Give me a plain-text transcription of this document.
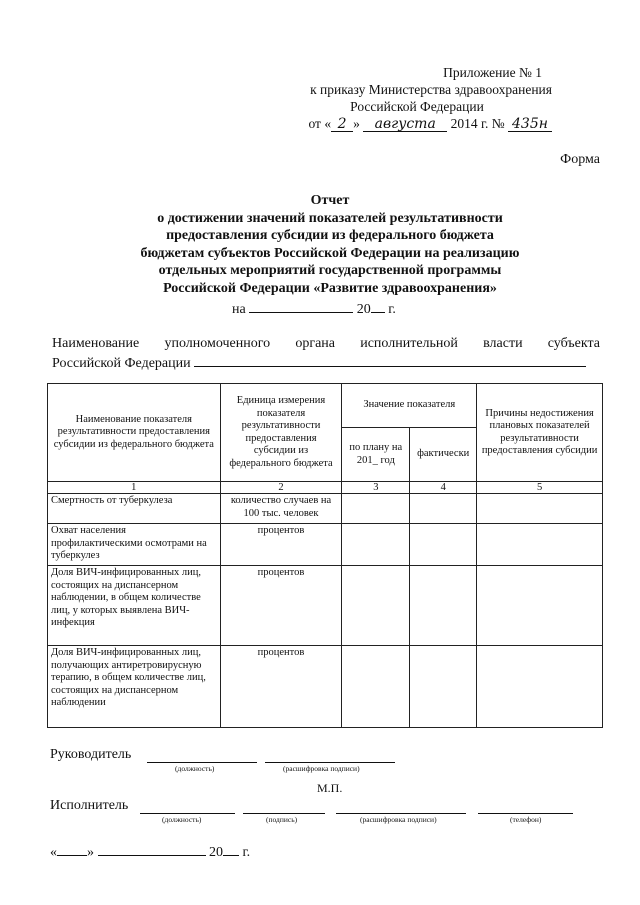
Приложение № 1
к приказу Министерства здравоохранения
Российской Федерации
от « 2 » августа 2014 г. № 435н
Форма
Отчет
о достижении значений показателей результативности
предоставления субсидии из федерального бюджета
бюджетам субъектов Российской Федерации на реализацию
отдельных мероприятий государственной программы
Российской Федерации «Развитие здравоохранения»
на	20 г.
Наименование уполномоченного органа исполнительной власти субъекта
Российской Федерации
Наименование показателя результативности предоставления субсидии из федерального бюджета	Единица измерения показателя результативности предоставления субсидии из федерального бюджета	Значение показателя		Причины недостижения плановых показателей результативности предоставления субсидии
		по плану на 201_ год	фактически	
1	2	3	4	5
Смертность от туберкулеза	количество случаев на 100 тыс. человек			
Охват населения профилактическими осмотрами на туберкулез	процентов			
Доля ВИЧ-инфицированных лиц, состоящих на диспансерном наблюдении, в общем количестве лиц, у которых выявлена ВИЧ-инфекция	процентов			
Доля ВИЧ-инфицированных лиц, получающих антиретровирусную терапию, в общем количестве лиц, состоящих на диспансерном наблюдении	процентов			
Руководитель
(должность)	(расшифровка подписи)
М.П.
Исполнитель
(должность)	(подпись)	(расшифровка подписи)	(телефон)
« »	20 г.
